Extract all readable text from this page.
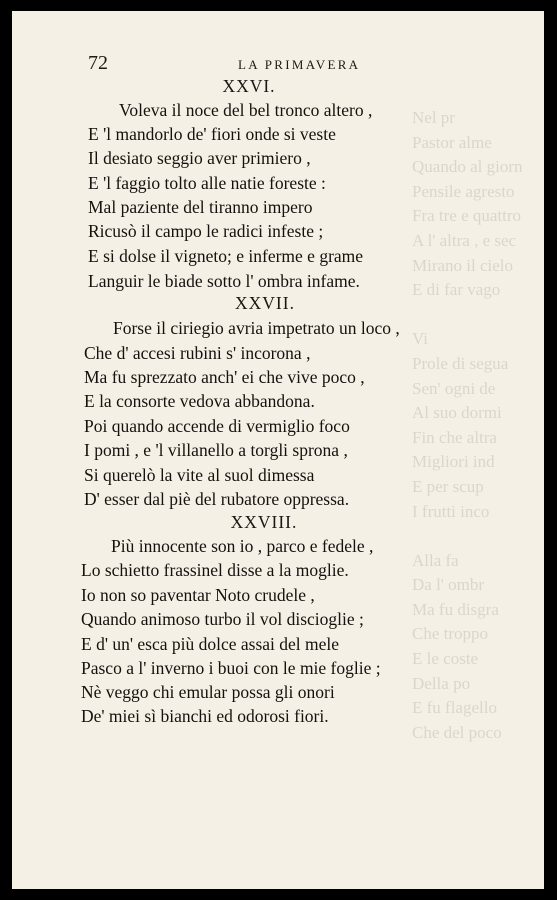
Nel pr
Pastor alme
Quando al giorn
Pensile agresto
Fra tre e quattro
A l' altra , e sec
Mirano il cielo
E di far vago

Vi
Prole di segua
Sen' ogni de
Al suo dormi
Fin che altra
Migliori ind
E per scup
I frutti inco

Alla fa
Da l' ombr
Ma fu disgra
Che troppo
E le coste
Della po
E fu flagello
Che del poco
72	LA PRIMAVERA
XXVI.
Voleva il noce del bel tronco altero ,
E 'l mandorlo de' fiori onde si veste
Il desiato seggio aver primiero ,
E 'l faggio tolto alle natie foreste :
Mal paziente del tiranno impero
Ricusò il campo le radici infeste ;
E si dolse il vigneto; e inferme e grame
Languir le biade sotto l' ombra infame.
XXVII.
Forse il ciriegio avria impetrato un loco ,
Che d' accesi rubini s' incorona ,
Ma fu sprezzato anch' ei che vive poco ,
E la consorte vedova abbandona.
Poi quando accende di vermiglio foco
I pomi , e 'l villanello a torgli sprona ,
Si querelò la vite al suol dimessa
D' esser dal piè del rubatore oppressa.
XXVIII.
Più innocente son io , parco e fedele ,
Lo schietto frassinel disse a la moglie.
Io non so paventar Noto crudele ,
Quando animoso turbo il vol discioglie ;
E d' un' esca più dolce assai del mele
Pasco a l' inverno i buoi con le mie foglie ;
Nè veggo chi emular possa gli onori
De' miei sì bianchi ed odorosi fiori.
